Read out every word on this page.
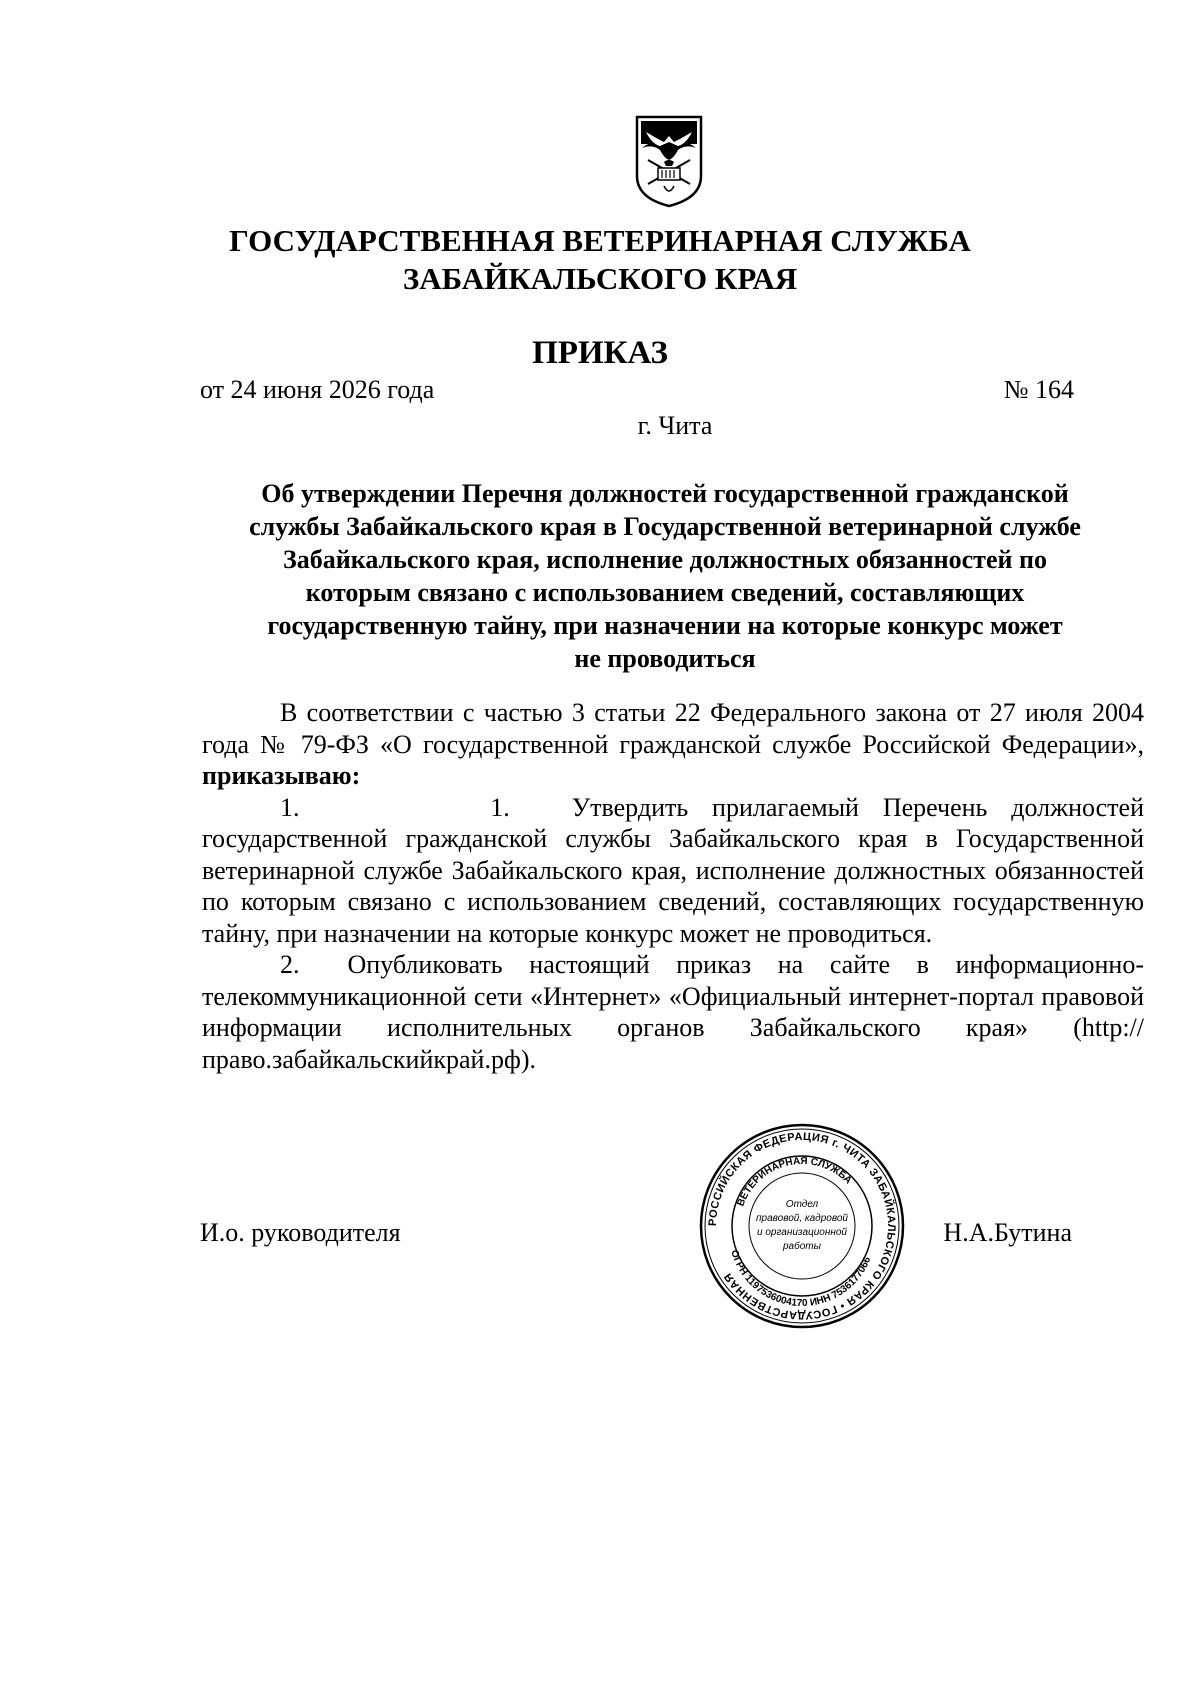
ГОСУДАРСТВЕННАЯ ВЕТЕРИНАРНАЯ СЛУЖБА
ЗАБАЙКАЛЬСКОГО КРАЯ
ПРИКАЗ
от 24 июня 2026 года	№ 164
г. Чита
Об утверждении Перечня должностей государственной гражданской
службы Забайкальского края в Государственной ветеринарной службе
Забайкальского края, исполнение должностных обязанностей по
которым связано с использованием сведений, составляющих
государственную тайну, при назначении на которые конкурс может
не проводиться

В соответствии с частью 3 статьи 22 Федерального закона от 27 июля 2004 года № 79-ФЗ «О государственной гражданской службе Российской Федерации», приказываю:

1.        1. Утвердить прилагаемый Перечень должностей государственной гражданской службы Забайкальского края в Государственной ветеринарной службе Забайкальского края, исполнение должностных обязанностей по которым связано с использованием сведений, составляющих государственную тайну, при назначении на которые конкурс может не проводиться.

2. Опубликовать настоящий приказ на сайте в информационно-телекоммуникационной сети «Интернет» «Официальный интернет-портал правовой информации исполнительных органов Забайкальского края» (http://право.забайкальскийкрай.рф).

РОССИЙСКАЯ ФЕДЕРАЦИЯ г. ЧИТА ЗАБАЙКАЛЬСКОГО КРАЯ • ГОСУДАРСТВЕННАЯ
ВЕТЕРИНАРНАЯ СЛУЖБА
ОГРН 1197536004170 ИНН 7536177066
Отдел
правовой, кадровой
и организационной
работы
И.о. руководителя	Н.А.Бутина
